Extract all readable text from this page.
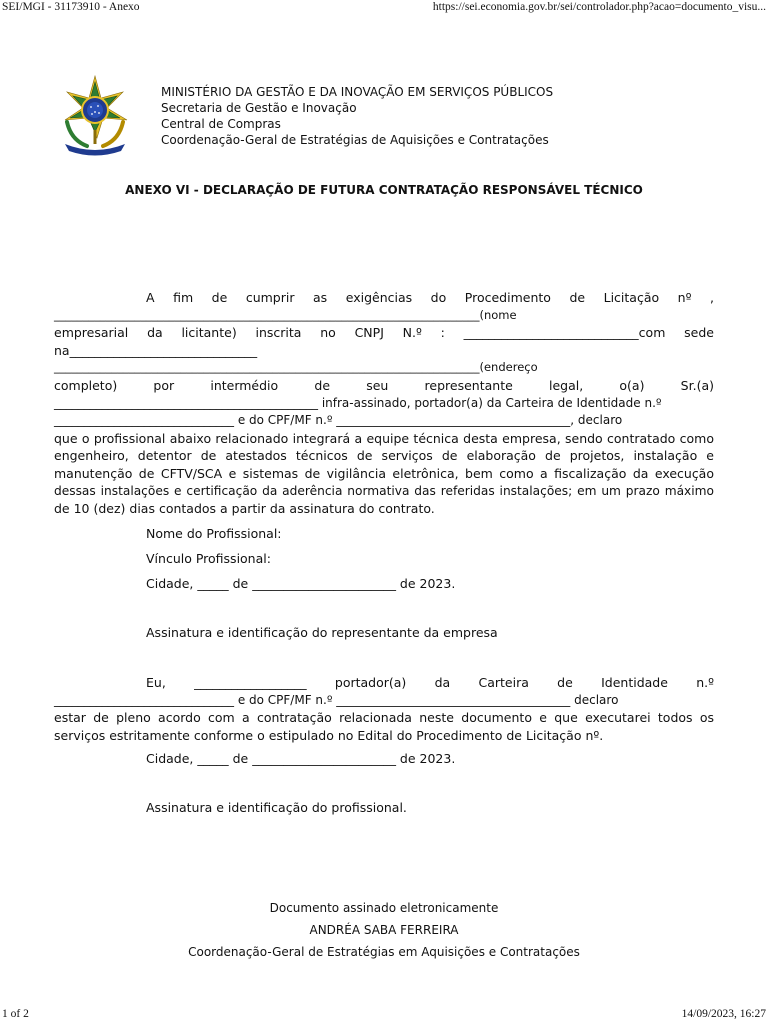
SEI/MGI - 31173910 - Anexo	https://sei.economia.gov.br/sei/controlador.php?acao=documento_visu...
MINISTÉRIO DA GESTÃO E DA INOVAÇÃO EM SERVIÇOS PÚBLICOS
Secretaria de Gestão e Inovação
Central de Compras
Coordenação-Geral de Estratégias de Aquisições e Contratações
ANEXO VI - DECLARAÇÃO DE FUTURA CONTRATAÇÃO RESPONSÁVEL TÉCNICO
A fim de cumprir as exigências do Procedimento de Licitação nº ,
__________________________________________________________________________(nome
empresarial da licitante) inscrita no CNPJ N.º : ____________________________com sede
na______________________________
__________________________________________________________________________(endereço
completo) por intermédio de seu representante legal, o(a) Sr.(a)
____________________________________________ infra-assinado, portador(a) da Carteira de Identidade n.º
______________________________ e do CPF/MF n.º _______________________________________, declaro
que o profissional abaixo relacionado integrará a equipe técnica desta empresa, sendo contratado como
engenheiro, detentor de atestados técnicos de serviços de elaboração de projetos, instalação e
manutenção de CFTV/SCA e sistemas de vigilância eletrônica, bem como a fiscalização da execução
dessas instalações e certificação da aderência normativa das referidas instalações; em um prazo máximo
de 10 (dez) dias contados a partir da assinatura do contrato.
Nome do Profissional:
Vínculo Profissional:
Cidade, _____ de _______________________ de 2023.
Assinatura e identificação do representante da empresa
Eu, __________________ portador(a) da Carteira de Identidade n.º
______________________________ e do CPF/MF n.º _______________________________________ declaro
estar de pleno acordo com a contratação relacionada neste documento e que executarei todos os
serviços estritamente conforme o estipulado no Edital do Procedimento de Licitação nº.
Cidade, _____ de _______________________ de 2023.
Assinatura e identificação do profissional.
Documento assinado eletronicamente
ANDRÉA SABA FERREIRA
Coordenação-Geral de Estratégias em Aquisições e Contratações
1 of 2	14/09/2023, 16:27
